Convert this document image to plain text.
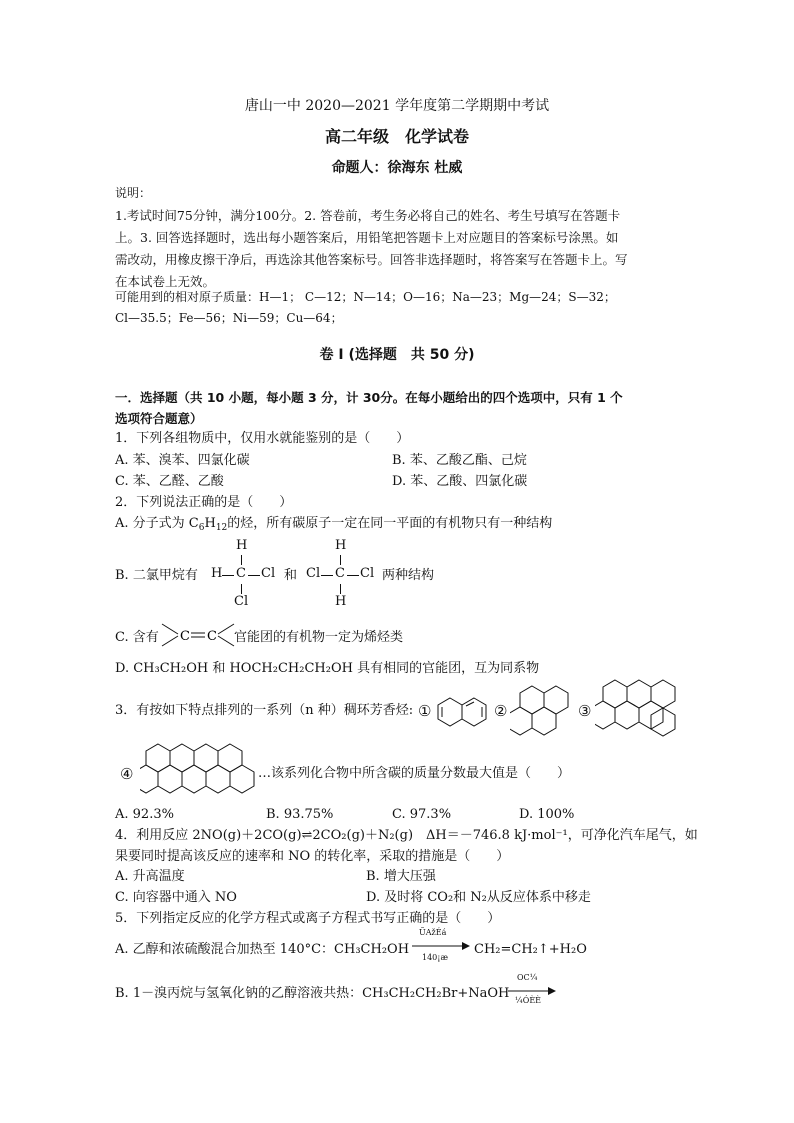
唐山一中 2020—2021 学年度第二学期期中考试
高二年级　化学试卷
命题人：徐海东 杜威
说明：
1.考试时间75分钟，满分100分。2. 答卷前，考生务必将自己的姓名、考生号填写在答题卡
上。3. 回答选择题时，选出每小题答案后，用铅笔把答题卡上对应题目的答案标号涂黑。如
需改动，用橡皮擦干净后，再选涂其他答案标号。回答非选择题时，将答案写在答题卡上。写
在本试卷上无效。
可能用到的相对原子质量：H—1； C—12；N—14；O—16；Na—23；Mg—24；S—32；
Cl—35.5；Fe—56；Ni—59；Cu—64；
卷 I (选择题　共 50 分)
一．选择题（共 10 小题，每小题 3 分，计 30分。在每小题给出的四个选项中，只有 1 个
选项符合题意）
1．下列各组物质中，仅用水就能鉴别的是（　　）
A. 苯、溴苯、四氯化碳	B. 苯、乙酸乙酯、己烷
C. 苯、乙醛、乙酸	D. 苯、乙酸、四氯化碳
2．下列说法正确的是（　　）
A. 分子式为 $C_6H_{12}$的烃，所有碳原子一定在同一平面的有机物只有一种结构
B. 二氯甲烷有
H
H C Cl
Cl
和
H
Cl C Cl
H
两种结构
C. 含有 C C 官能团的有机物一定为烯烃类
D. CH₃CH₂OH 和 HOCH₂CH₂CH₂OH 具有相同的官能团，互为同系物
3．有按如下特点排列的一系列（n 种）稠环芳香烃: ①	②	③
④	…该系列化合物中所含碳的质量分数最大值是（　　）
A. 92.3%	B. 93.75%	C. 97.3%	D. 100%
4．利用反应 2NO(g)＋2CO(g)⇌2CO₂(g)＋N₂(g)　ΔH＝－746.8 kJ·mol⁻¹，可净化汽车尾气，如
果要同时提高该反应的速率和 NO 的转化率，采取的措施是（　　）
A. 升高温度	B. 增大压强
C. 向容器中通入 NO	D. 及时将 CO₂和 N₂从反应体系中移走
5．下列指定反应的化学方程式或离子方程式书写正确的是（　　）
A. 乙醇和浓硫酸混合加热至 140°C：CH₃CH₂OH
ŨAžÉá
140¡æ
CH₂=CH₂↑+H₂O
B. 1－溴丙烷与氢氧化钠的乙醇溶液共热：CH₃CH₂CH₂Br+NaOH
OC¼
¼ÓÈÈ
